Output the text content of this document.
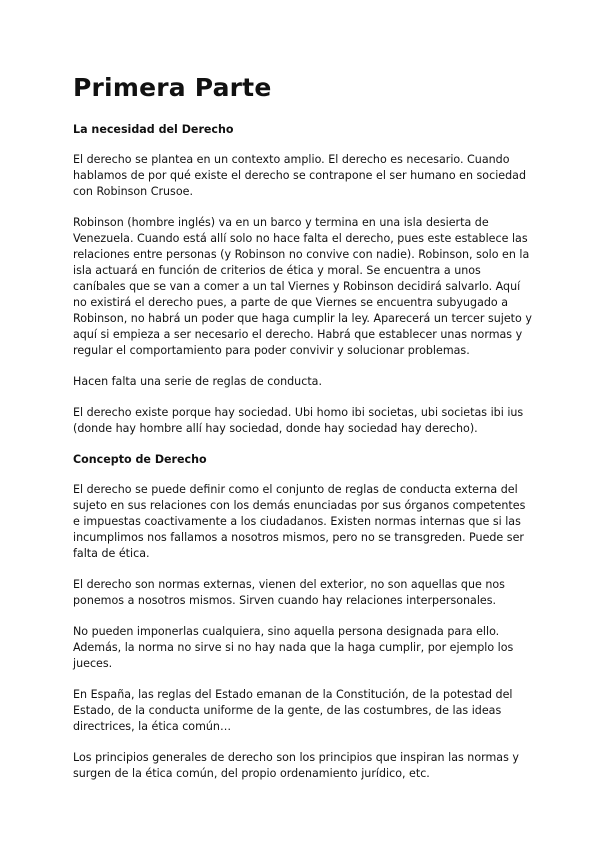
Primera Parte
La necesidad del Derecho

El derecho se plantea en un contexto amplio. El derecho es necesario. Cuando hablamos de por qué existe el derecho se contrapone el ser humano en sociedad con Robinson Crusoe.

Robinson (hombre inglés) va en un barco y termina en una isla desierta de Venezuela. Cuando está allí solo no hace falta el derecho, pues este establece las relaciones entre personas (y Robinson no convive con nadie). Robinson, solo en la isla actuará en función de criterios de ética y moral. Se encuentra a unos caníbales que se van a comer a un tal Viernes y Robinson decidirá salvarlo. Aquí no existirá el derecho pues, a parte de que Viernes se encuentra subyugado a Robinson, no habrá un poder que haga cumplir la ley. Aparecerá un tercer sujeto y aquí si empieza a ser necesario el derecho. Habrá que establecer unas normas y regular el comportamiento para poder convivir y solucionar problemas.

Hacen falta una serie de reglas de conducta.

El derecho existe porque hay sociedad. Ubi homo ibi societas, ubi societas ibi ius (donde hay hombre allí hay sociedad, donde hay sociedad hay derecho).

Concepto de Derecho

El derecho se puede definir como el conjunto de reglas de conducta externa del sujeto en sus relaciones con los demás enunciadas por sus órganos competentes e impuestas coactivamente a los ciudadanos. Existen normas internas que si las incumplimos nos fallamos a nosotros mismos, pero no se transgreden. Puede ser falta de ética.

El derecho son normas externas, vienen del exterior, no son aquellas que nos ponemos a nosotros mismos. Sirven cuando hay relaciones interpersonales.

No pueden imponerlas cualquiera, sino aquella persona designada para ello. Además, la norma no sirve si no hay nada que la haga cumplir, por ejemplo los jueces.

En España, las reglas del Estado emanan de la Constitución, de la potestad del Estado, de la conducta uniforme de la gente, de las costumbres, de las ideas directrices, la ética común…

Los principios generales de derecho son los principios que inspiran las normas y surgen de la ética común, del propio ordenamiento jurídico, etc.
